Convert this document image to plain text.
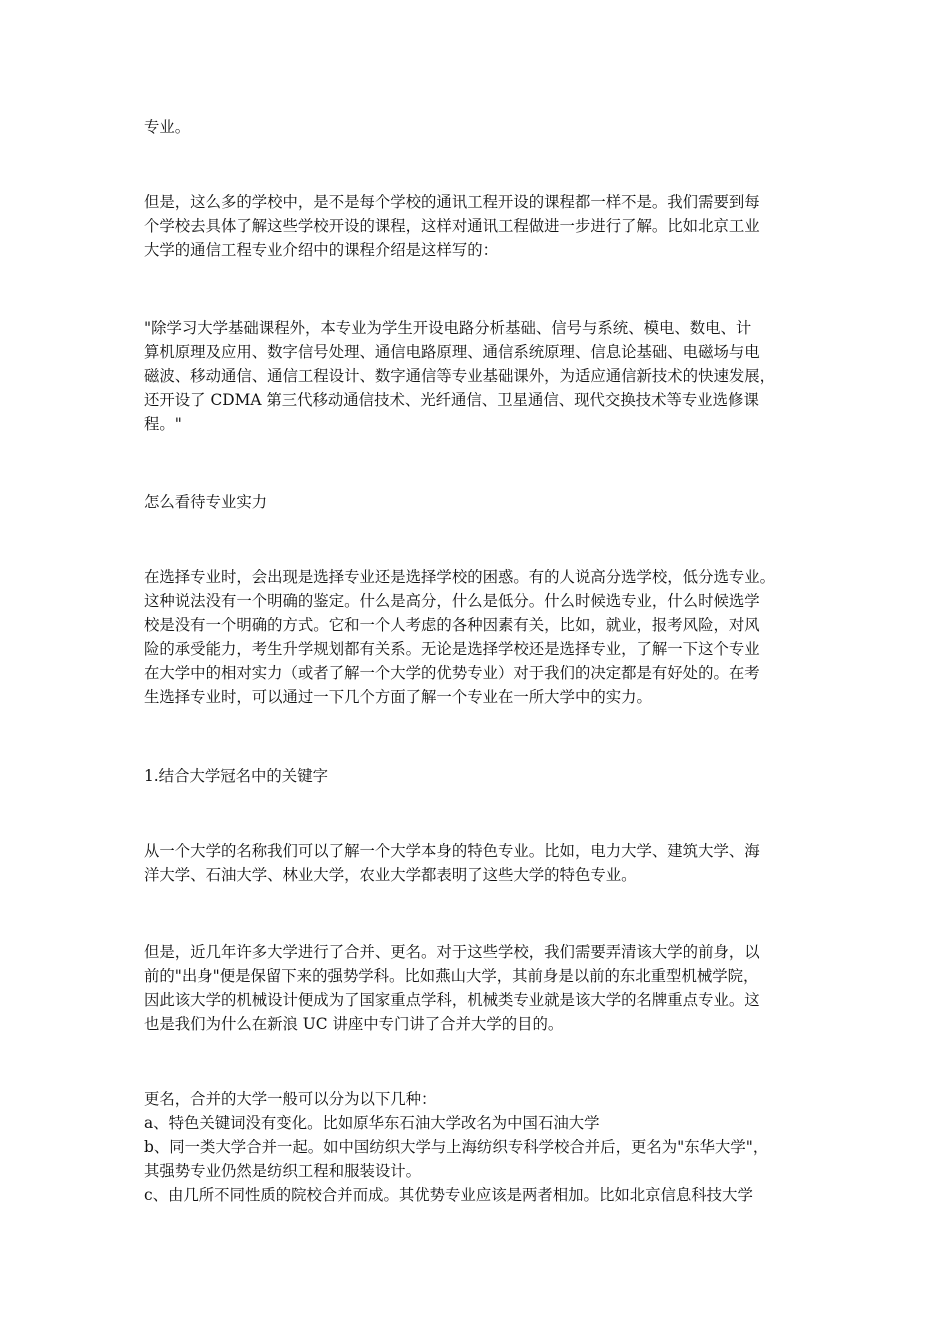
专业。

但是，这么多的学校中，是不是每个学校的通讯工程开设的课程都一样不是。我们需要到每

个学校去具体了解这些学校开设的课程，这样对通讯工程做进一步进行了解。比如北京工业

大学的通信工程专业介绍中的课程介绍是这样写的：

"除学习大学基础课程外，本专业为学生开设电路分析基础、信号与系统、模电、数电、计

算机原理及应用、数字信号处理、通信电路原理、通信系统原理、信息论基础、电磁场与电

磁波、移动通信、通信工程设计、数字通信等专业基础课外，为适应通信新技术的快速发展，

还开设了 CDMA 第三代移动通信技术、光纤通信、卫星通信、现代交换技术等专业选修课

程。"

怎么看待专业实力

在选择专业时，会出现是选择专业还是选择学校的困惑。有的人说高分选学校，低分选专业。

这种说法没有一个明确的鉴定。什么是高分，什么是低分。什么时候选专业，什么时候选学

校是没有一个明确的方式。它和一个人考虑的各种因素有关，比如，就业，报考风险，对风

险的承受能力，考生升学规划都有关系。无论是选择学校还是选择专业，了解一下这个专业

在大学中的相对实力（或者了解一个大学的优势专业）对于我们的决定都是有好处的。在考

生选择专业时，可以通过一下几个方面了解一个专业在一所大学中的实力。

1.结合大学冠名中的关键字

从一个大学的名称我们可以了解一个大学本身的特色专业。比如，电力大学、建筑大学、海

洋大学、石油大学、林业大学，农业大学都表明了这些大学的特色专业。

但是，近几年许多大学进行了合并、更名。对于这些学校，我们需要弄清该大学的前身，以

前的"出身"便是保留下来的强势学科。比如燕山大学，其前身是以前的东北重型机械学院，

因此该大学的机械设计便成为了国家重点学科，机械类专业就是该大学的名牌重点专业。这

也是我们为什么在新浪 UC 讲座中专门讲了合并大学的目的。

更名，合并的大学一般可以分为以下几种：

a、特色关键词没有变化。比如原华东石油大学改名为中国石油大学

b、同一类大学合并一起。如中国纺织大学与上海纺织专科学校合并后，更名为"东华大学"，

其强势专业仍然是纺织工程和服装设计。

c、由几所不同性质的院校合并而成。其优势专业应该是两者相加。比如北京信息科技大学
